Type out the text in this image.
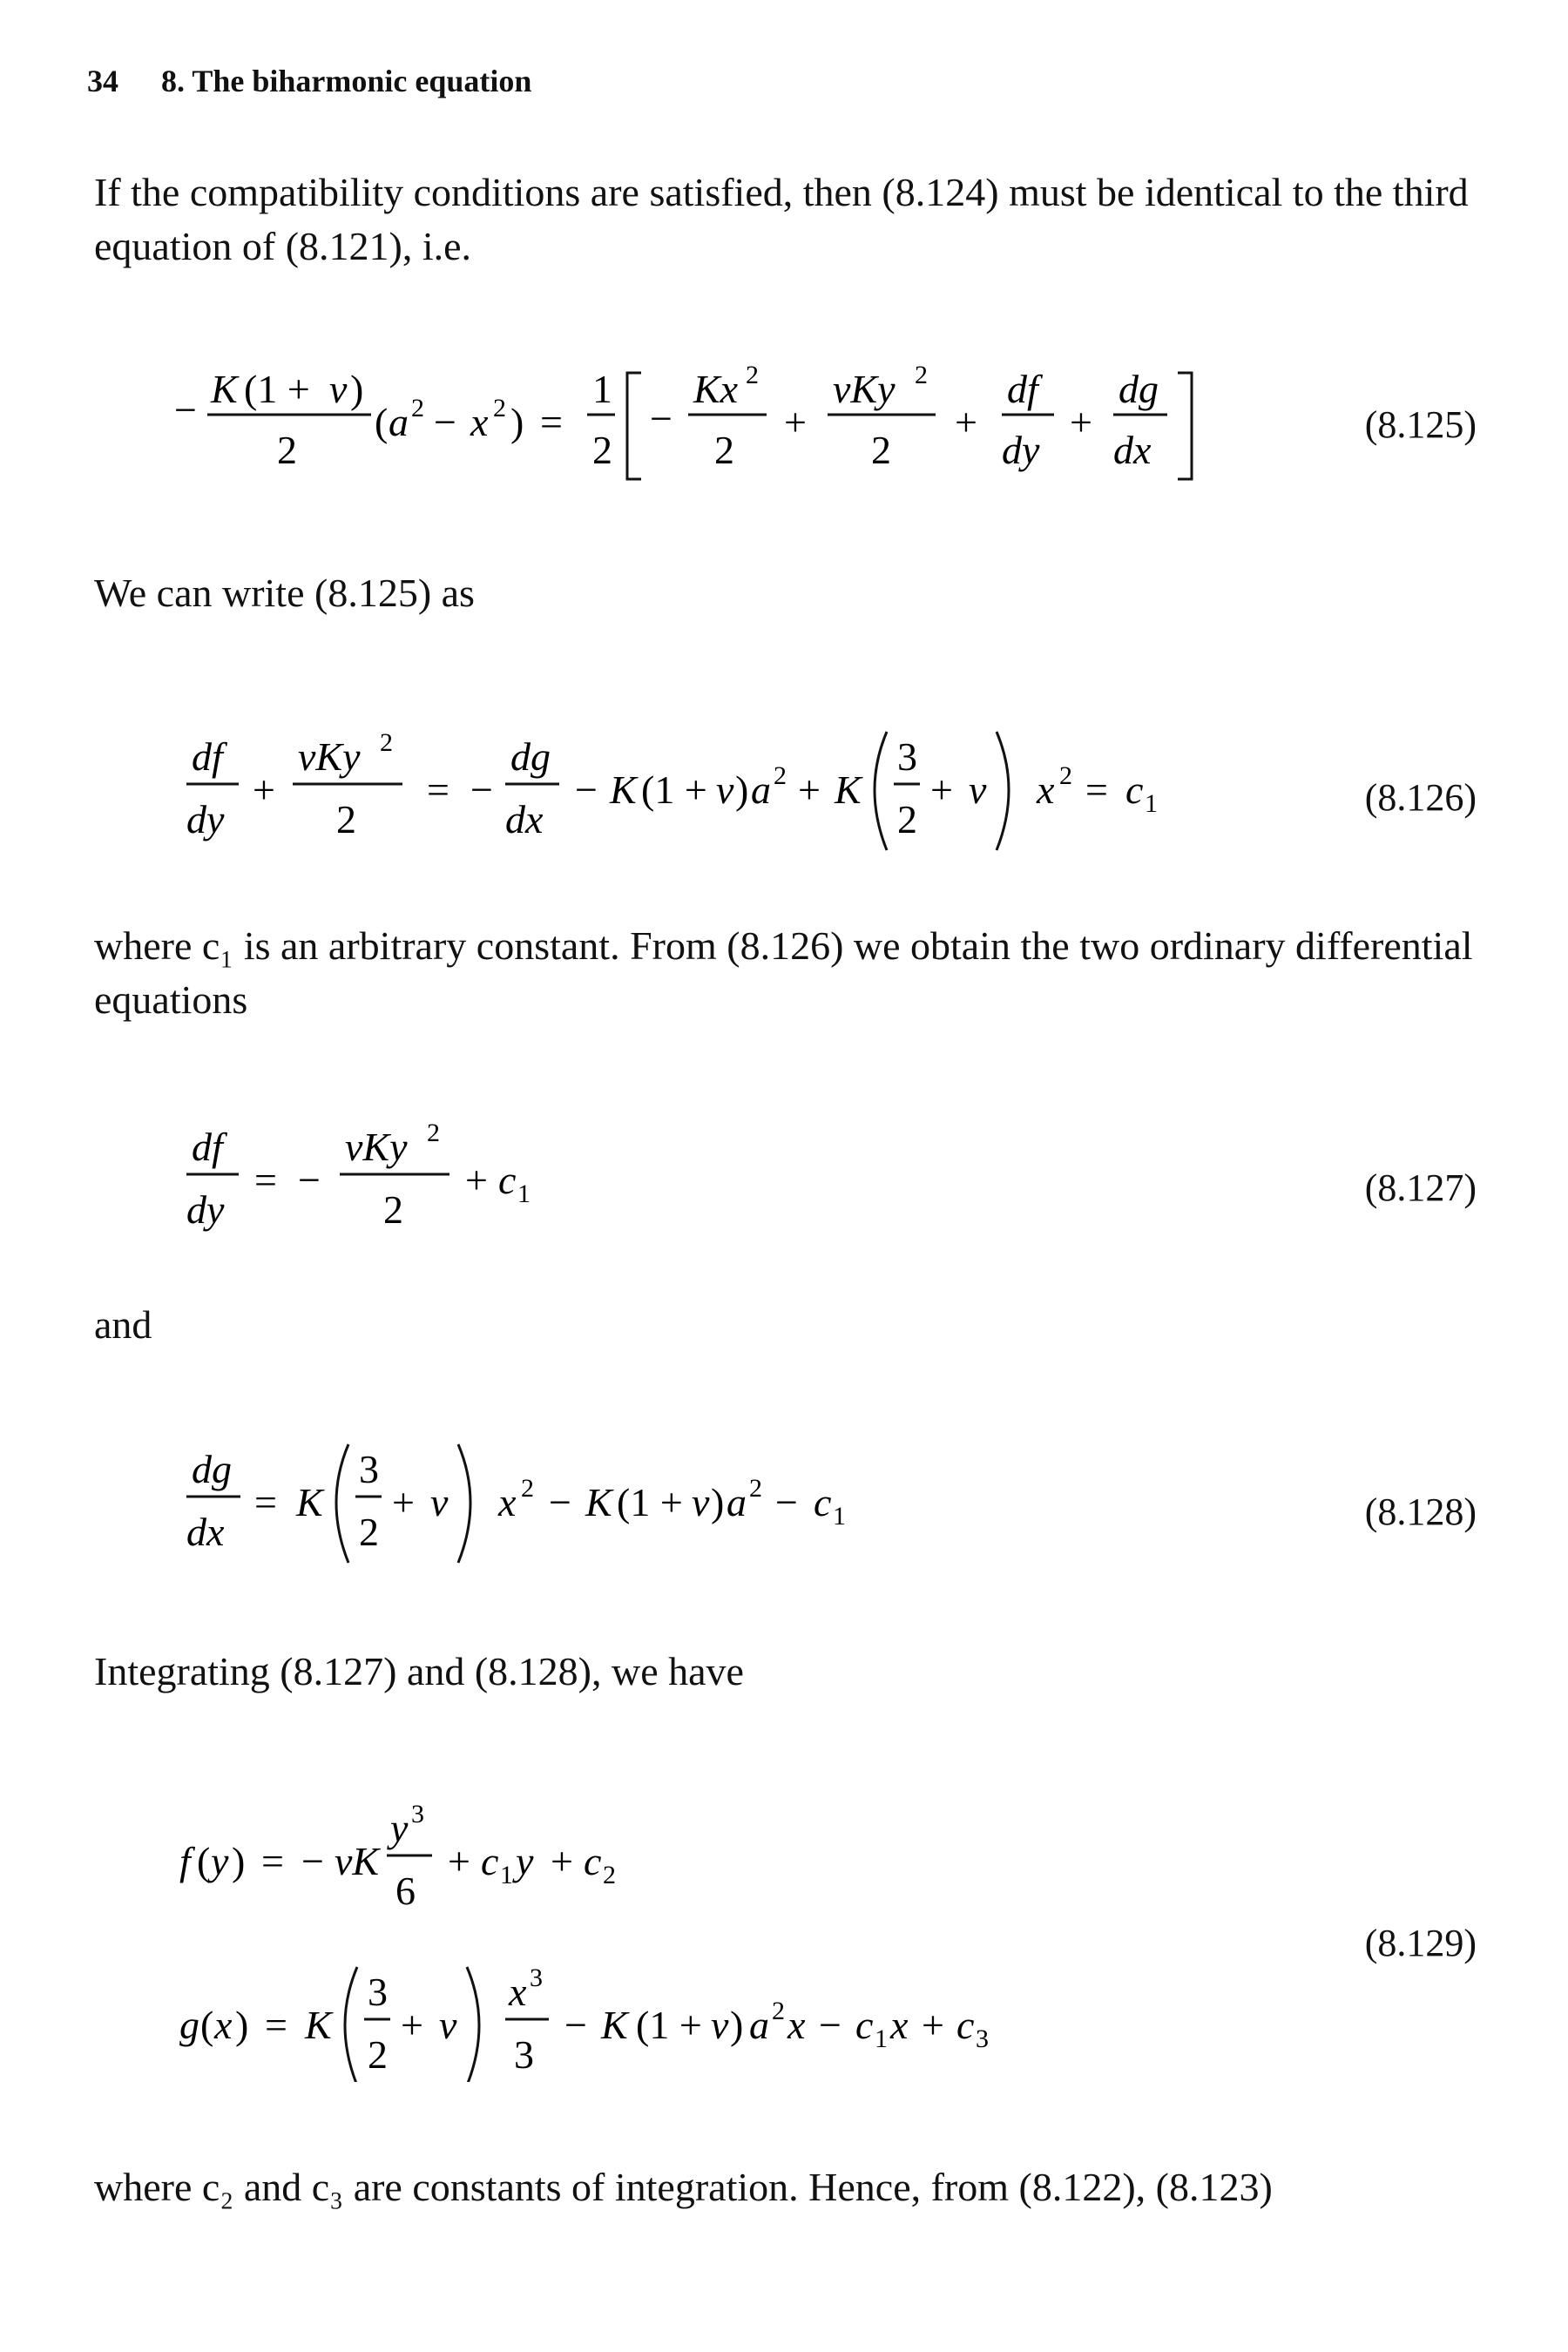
34 8. The biharmonic equation
If the compatibility conditions are satisfied, then (8.124) must be identical to the third equation of (8.121), i.e.
− K (1 + ν )
2
( a 2 − x 2 ) =
1
2
−
Kx 2
2
+
νKy 2
2
+
df
dy
+
dg
dx
(8.125)
We can write (8.125) as
df
dy
+
νKy 2
2
= −
dg
dx
− K (1 + ν ) a 2 + K
3
2
+ ν x 2 = c 1	(8.126)
where c₁ is an arbitrary constant. From (8.126) we obtain the two ordinary differential equations
df
dy
= −
νKy 2
2
+ c 1	(8.127)
and
dg
dx
= K
3
2
+ ν x 2 − K (1 + ν ) a 2 − c 1	(8.128)
Integrating (8.127) and (8.128), we have
f ( y ) = − νK
y 3
6
+ c 1 y + c 2
g ( x ) = K
3
2
+ ν
x 3
3
− K (1 + ν ) a 2 x − c 1 x + c 3
(8.129)
where c₂ and c₃ are constants of integration. Hence, from (8.122), (8.123)
